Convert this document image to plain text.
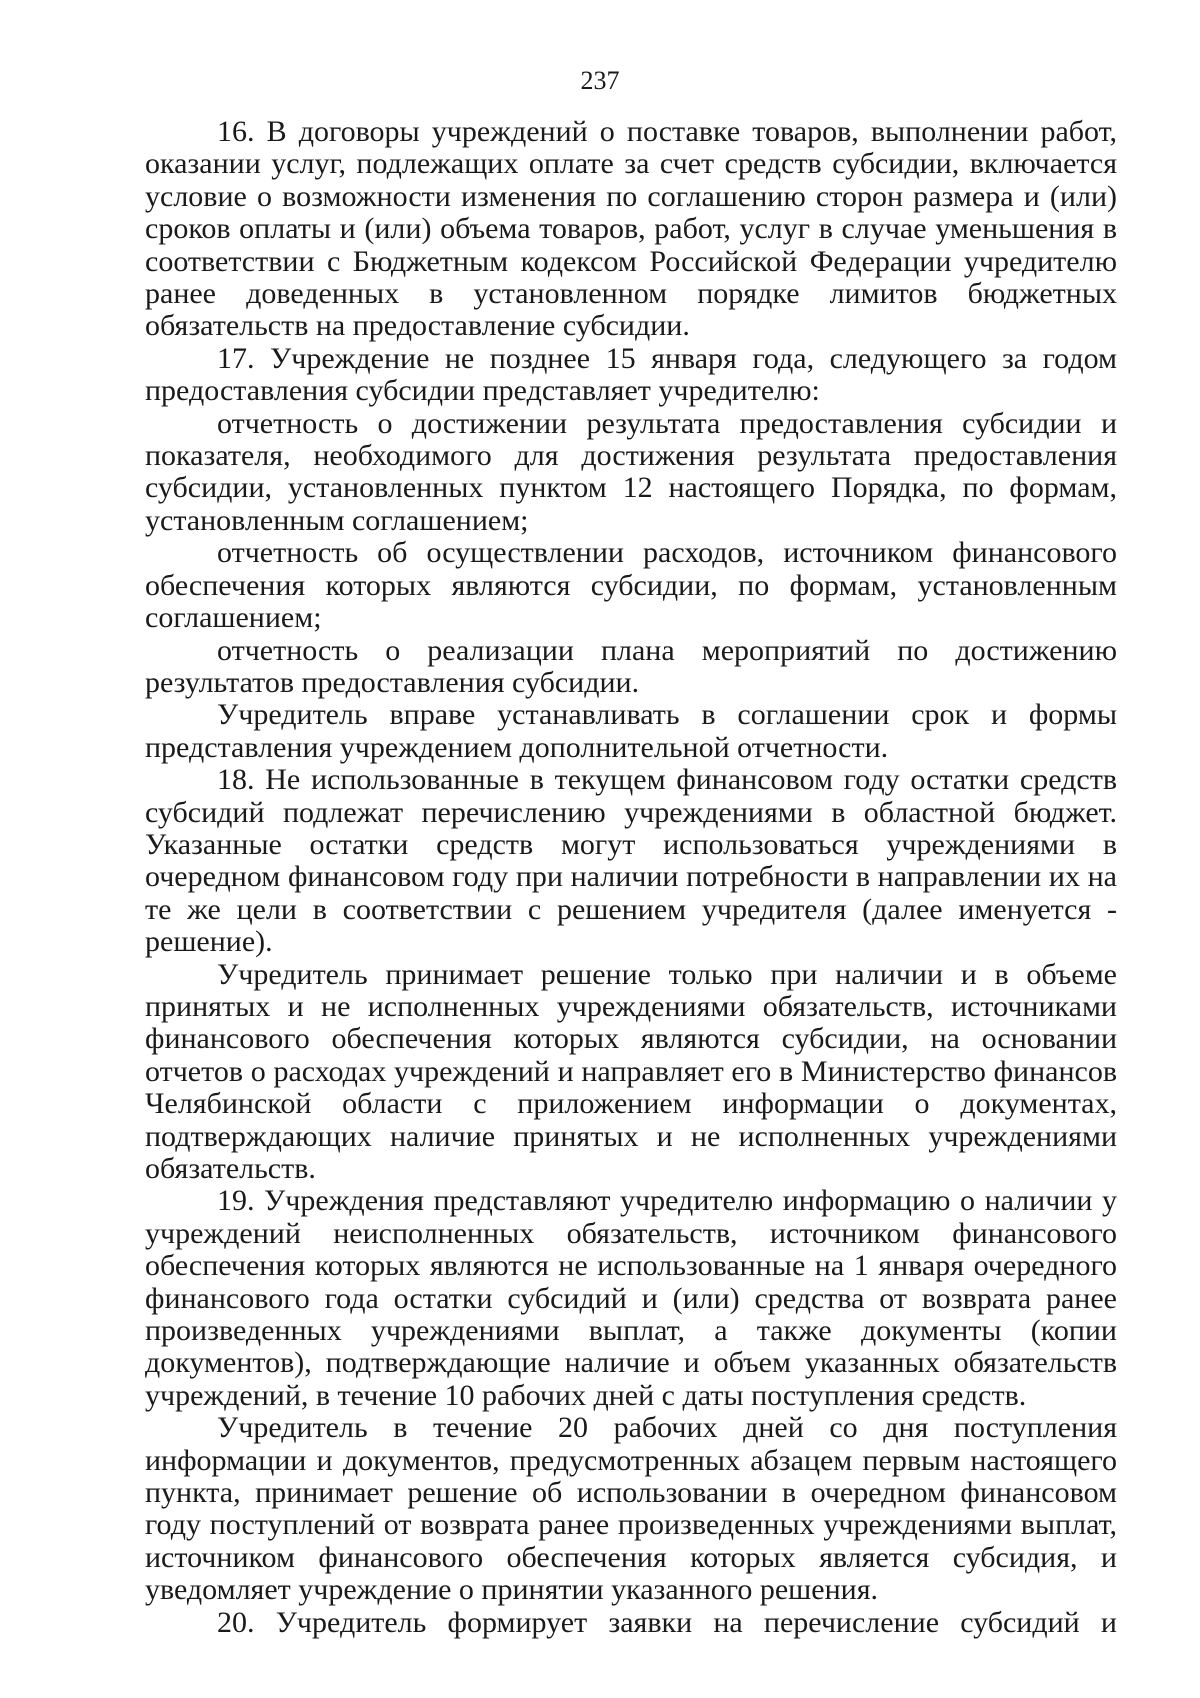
237

16. В договоры учреждений о поставке товаров, выполнении работ, оказании услуг, подлежащих оплате за счет средств субсидии, включается условие о возможности изменения по соглашению сторон размера и (или) сроков оплаты и (или) объема товаров, работ, услуг в случае уменьшения в соответствии с Бюджетным кодексом Российской Федерации учредителю ранее доведенных в установленном порядке лимитов бюджетных обязательств на предоставление субсидии.

17. Учреждение не позднее 15 января года, следующего за годом предоставления субсидии представляет учредителю:

отчетность о достижении результата предоставления субсидии и показателя, необходимого для достижения результата предоставления субсидии, установленных пунктом 12 настоящего Порядка, по формам, установленным соглашением;

отчетность об осуществлении расходов, источником финансового обеспечения которых являются субсидии, по формам, установленным соглашением;

отчетность о реализации плана мероприятий по достижению результатов предоставления субсидии.

Учредитель вправе устанавливать в соглашении срок и формы представления учреждением дополнительной отчетности.

18. Не использованные в текущем финансовом году остатки средств субсидий подлежат перечислению учреждениями в областной бюджет. Указанные остатки средств могут использоваться учреждениями в очередном финансовом году при наличии потребности в направлении их на те же цели в соответствии с решением учредителя (далее именуется - решение).

Учредитель принимает решение только при наличии и в объеме принятых и не исполненных учреждениями обязательств, источниками финансового обеспечения которых являются субсидии, на основании отчетов о расходах учреждений и направляет его в Министерство финансов Челябинской области с приложением информации о документах, подтверждающих наличие принятых и не исполненных учреждениями обязательств.

19. Учреждения представляют учредителю информацию о наличии у учреждений неисполненных обязательств, источником финансового обеспечения которых являются не использованные на 1 января очередного финансового года остатки субсидий и (или) средства от возврата ранее произведенных учреждениями выплат, а также документы (копии документов), подтверждающие наличие и объем указанных обязательств учреждений, в течение 10 рабочих дней с даты поступления средств.

Учредитель в течение 20 рабочих дней со дня поступления информации и документов, предусмотренных абзацем первым настоящего пункта, принимает решение об использовании в очередном финансовом году поступлений от возврата ранее произведенных учреждениями выплат, источником финансового обеспечения которых является субсидия, и уведомляет учреждение о принятии указанного решения.

20. Учредитель формирует заявки на перечисление субсидий и
